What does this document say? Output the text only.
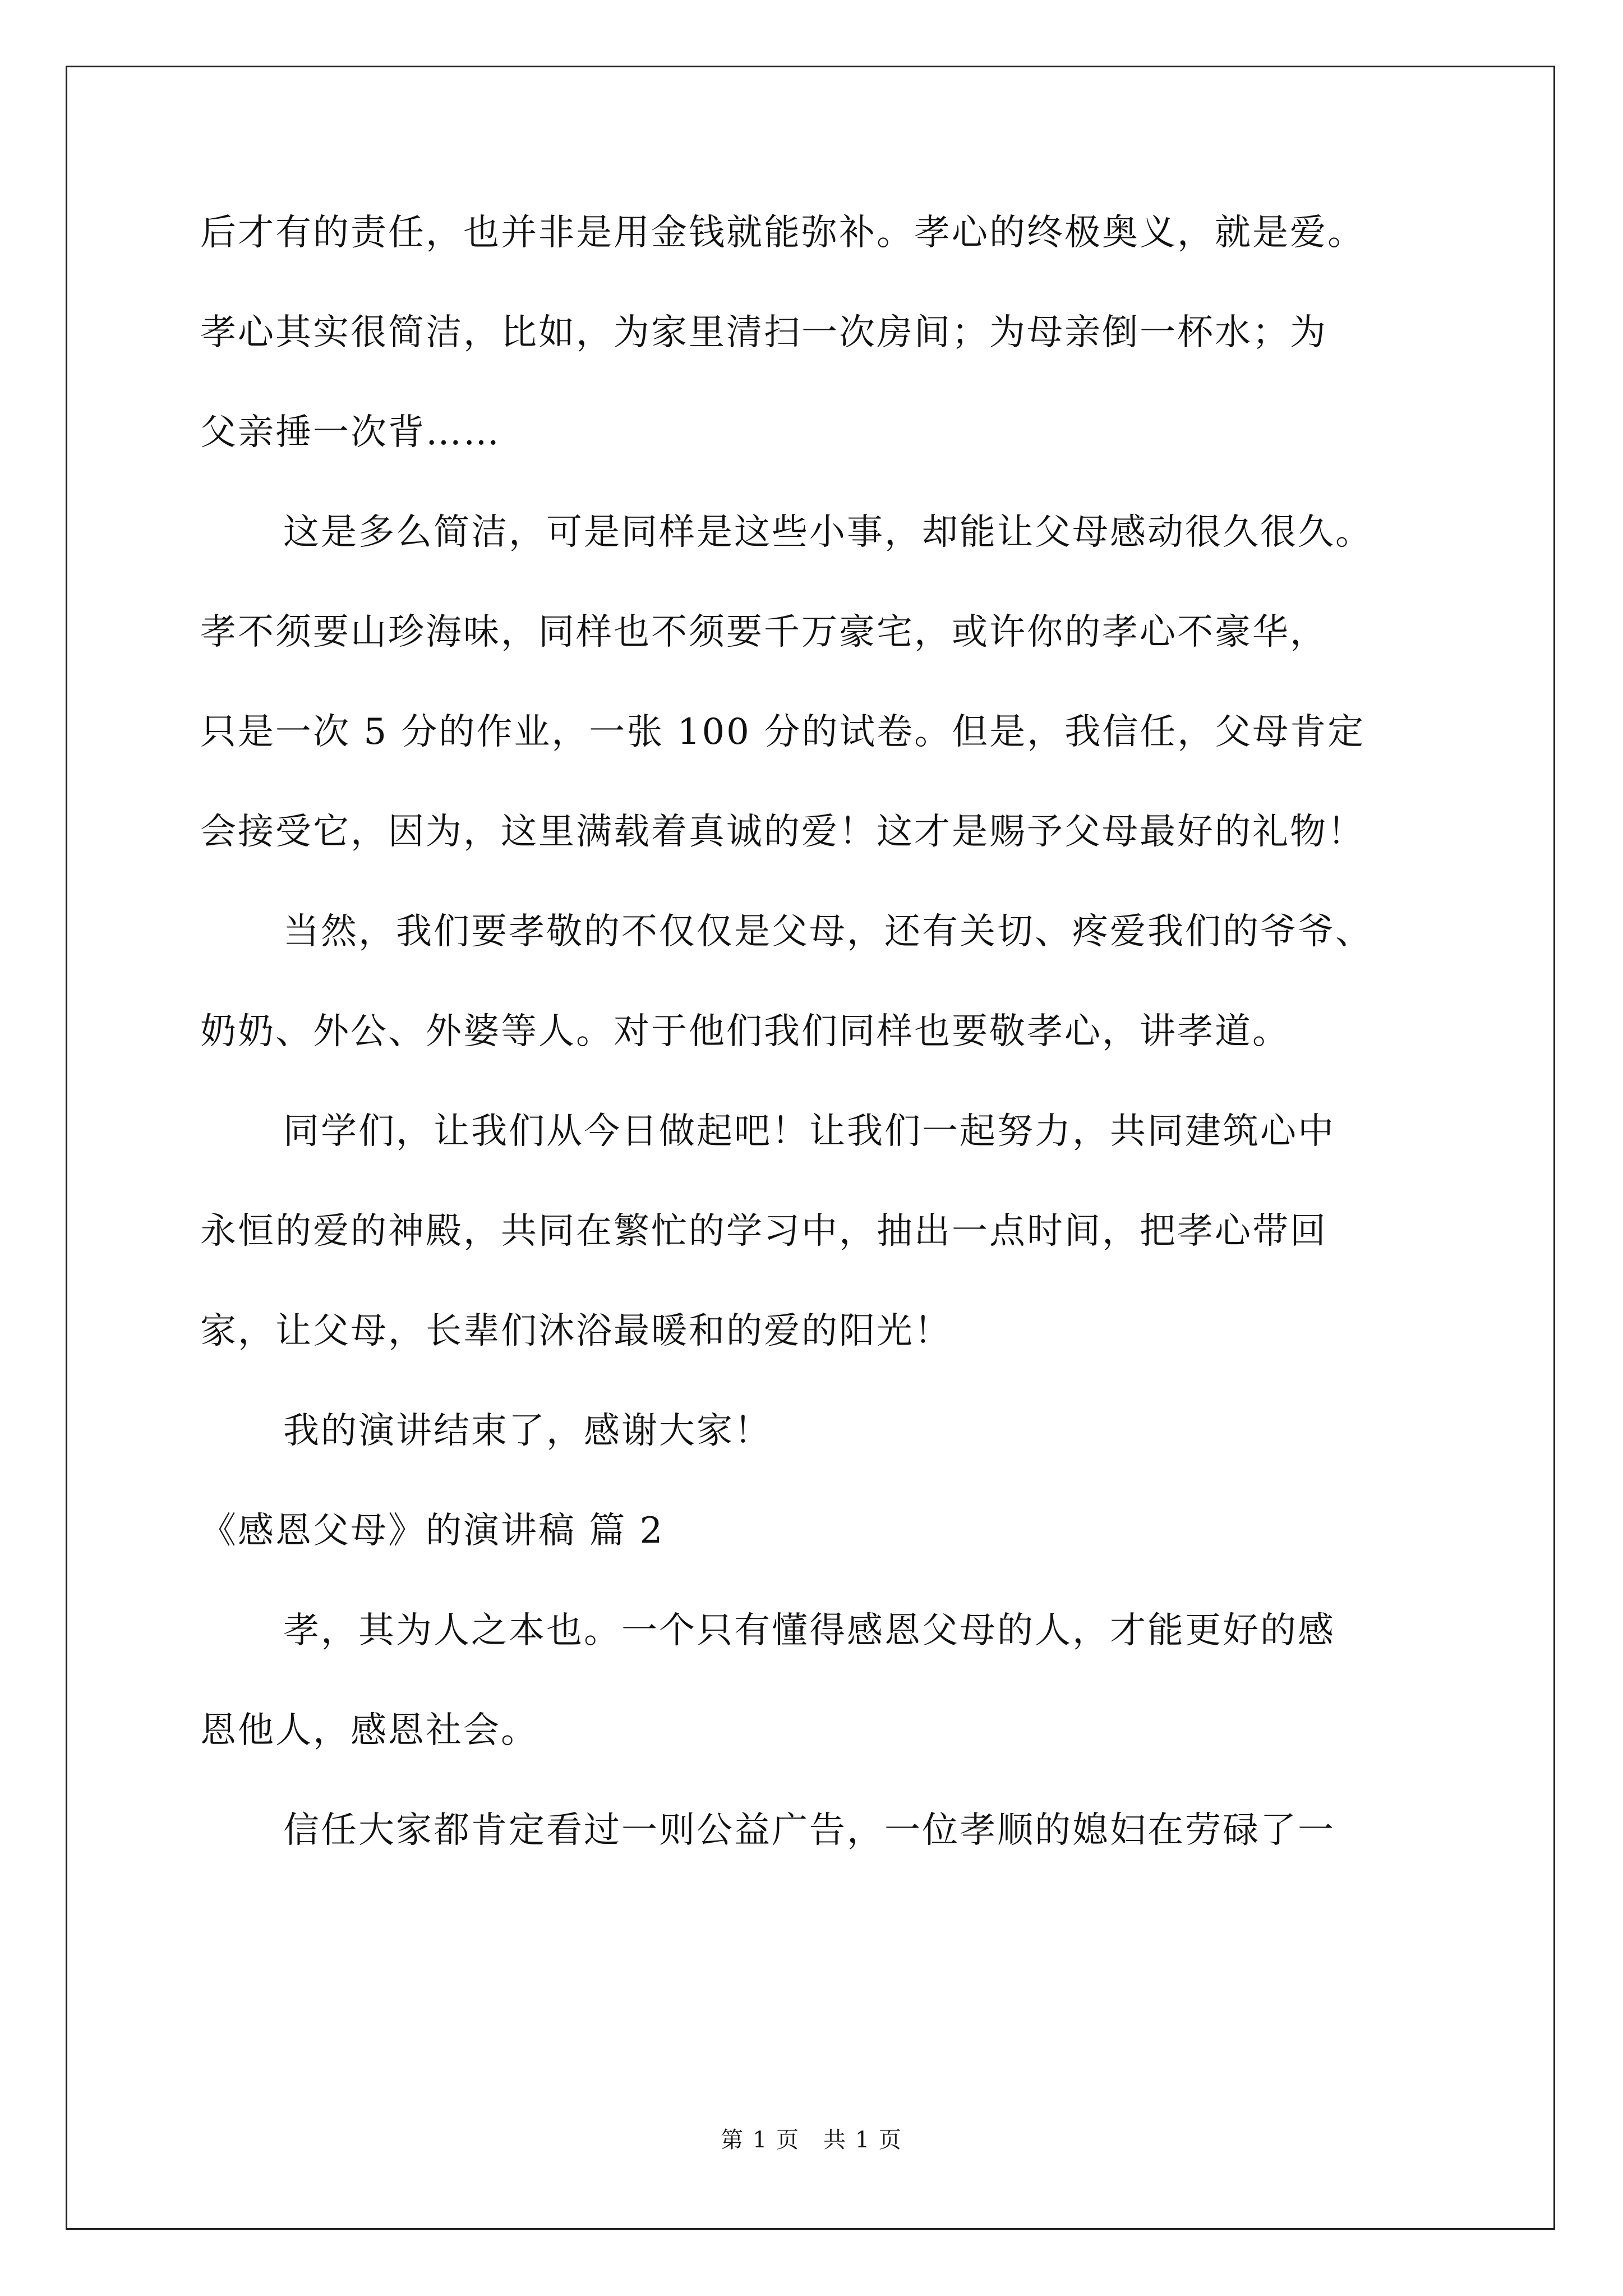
后才有的责任，也并非是用金钱就能弥补。孝心的终极奥义，就是爱。
孝心其实很简洁，比如，为家里清扫一次房间；为母亲倒一杯水；为
父亲捶一次背……
这是多么简洁，可是同样是这些小事，却能让父母感动很久很久。
孝不须要山珍海味，同样也不须要千万豪宅，或许你的孝心不豪华，
只是一次 5 分的作业，一张 100 分的试卷。但是，我信任，父母肯定
会接受它，因为，这里满载着真诚的爱！这才是赐予父母最好的礼物！
当然，我们要孝敬的不仅仅是父母，还有关切、疼爱我们的爷爷、
奶奶、外公、外婆等人。对于他们我们同样也要敬孝心，讲孝道。
同学们，让我们从今日做起吧！让我们一起努力，共同建筑心中
永恒的爱的神殿，共同在繁忙的学习中，抽出一点时间，把孝心带回
家，让父母，长辈们沐浴最暖和的爱的阳光！
我的演讲结束了，感谢大家！
《感恩父母》的演讲稿 篇 2
孝，其为人之本也。一个只有懂得感恩父母的人，才能更好的感
恩他人，感恩社会。
信任大家都肯定看过一则公益广告，一位孝顺的媳妇在劳碌了一
第 1 页　共 1 页
